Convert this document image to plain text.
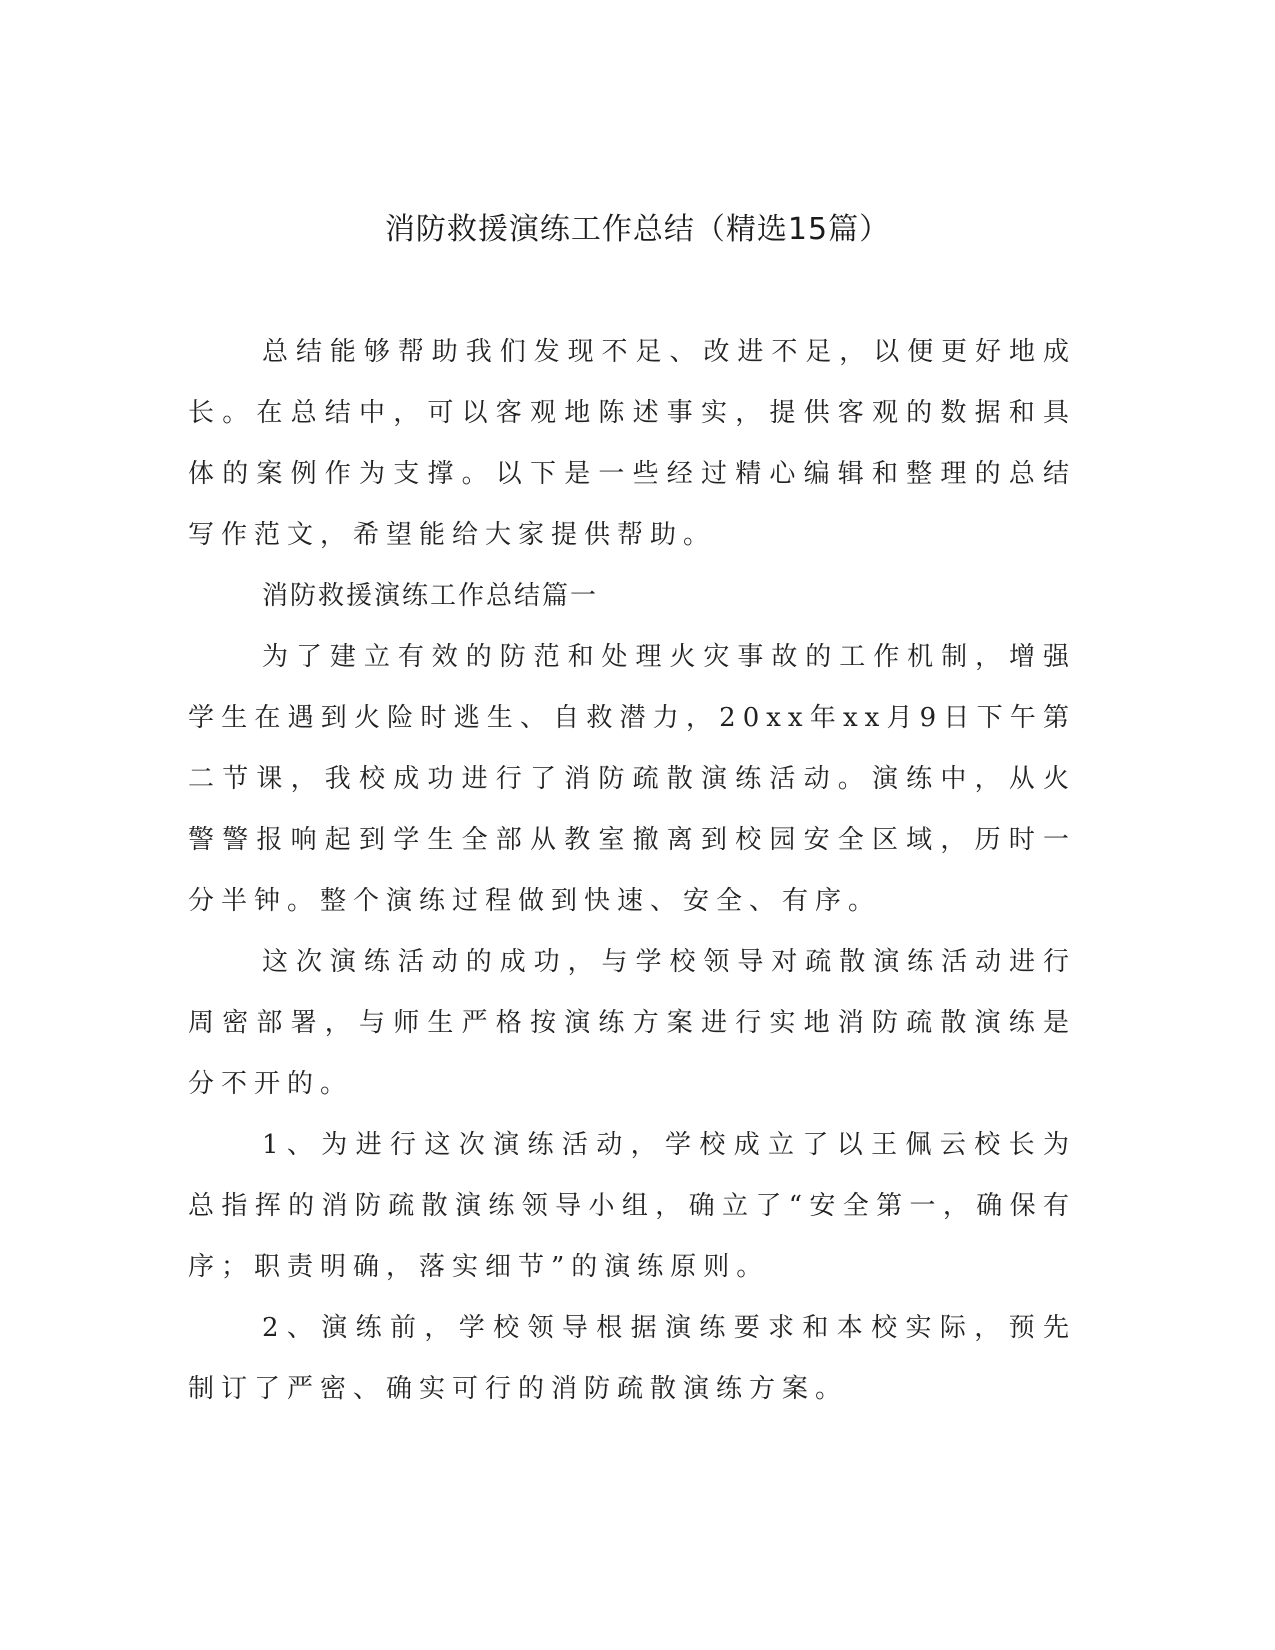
消防救援演练工作总结（精选15篇）

总结能够帮助我们发现不足、改进不足，以便更好地成长。在总结中，可以客观地陈述事实，提供客观的数据和具体的案例作为支撑。以下是一些经过精心编辑和整理的总结写作范文，希望能给大家提供帮助。

消防救援演练工作总结篇一

为了建立有效的防范和处理火灾事故的工作机制，增强学生在遇到火险时逃生、自救潜力，20xx年xx月9日下午第二节课，我校成功进行了消防疏散演练活动。演练中，从火警警报响起到学生全部从教室撤离到校园安全区域，历时一分半钟。整个演练过程做到快速、安全、有序。

这次演练活动的成功，与学校领导对疏散演练活动进行周密部署，与师生严格按演练方案进行实地消防疏散演练是分不开的。

1、为进行这次演练活动，学校成立了以王佩云校长为总指挥的消防疏散演练领导小组，确立了“安全第一，确保有序；职责明确，落实细节”的演练原则。

2、演练前，学校领导根据演练要求和本校实际，预先制订了严密、确实可行的消防疏散演练方案。
